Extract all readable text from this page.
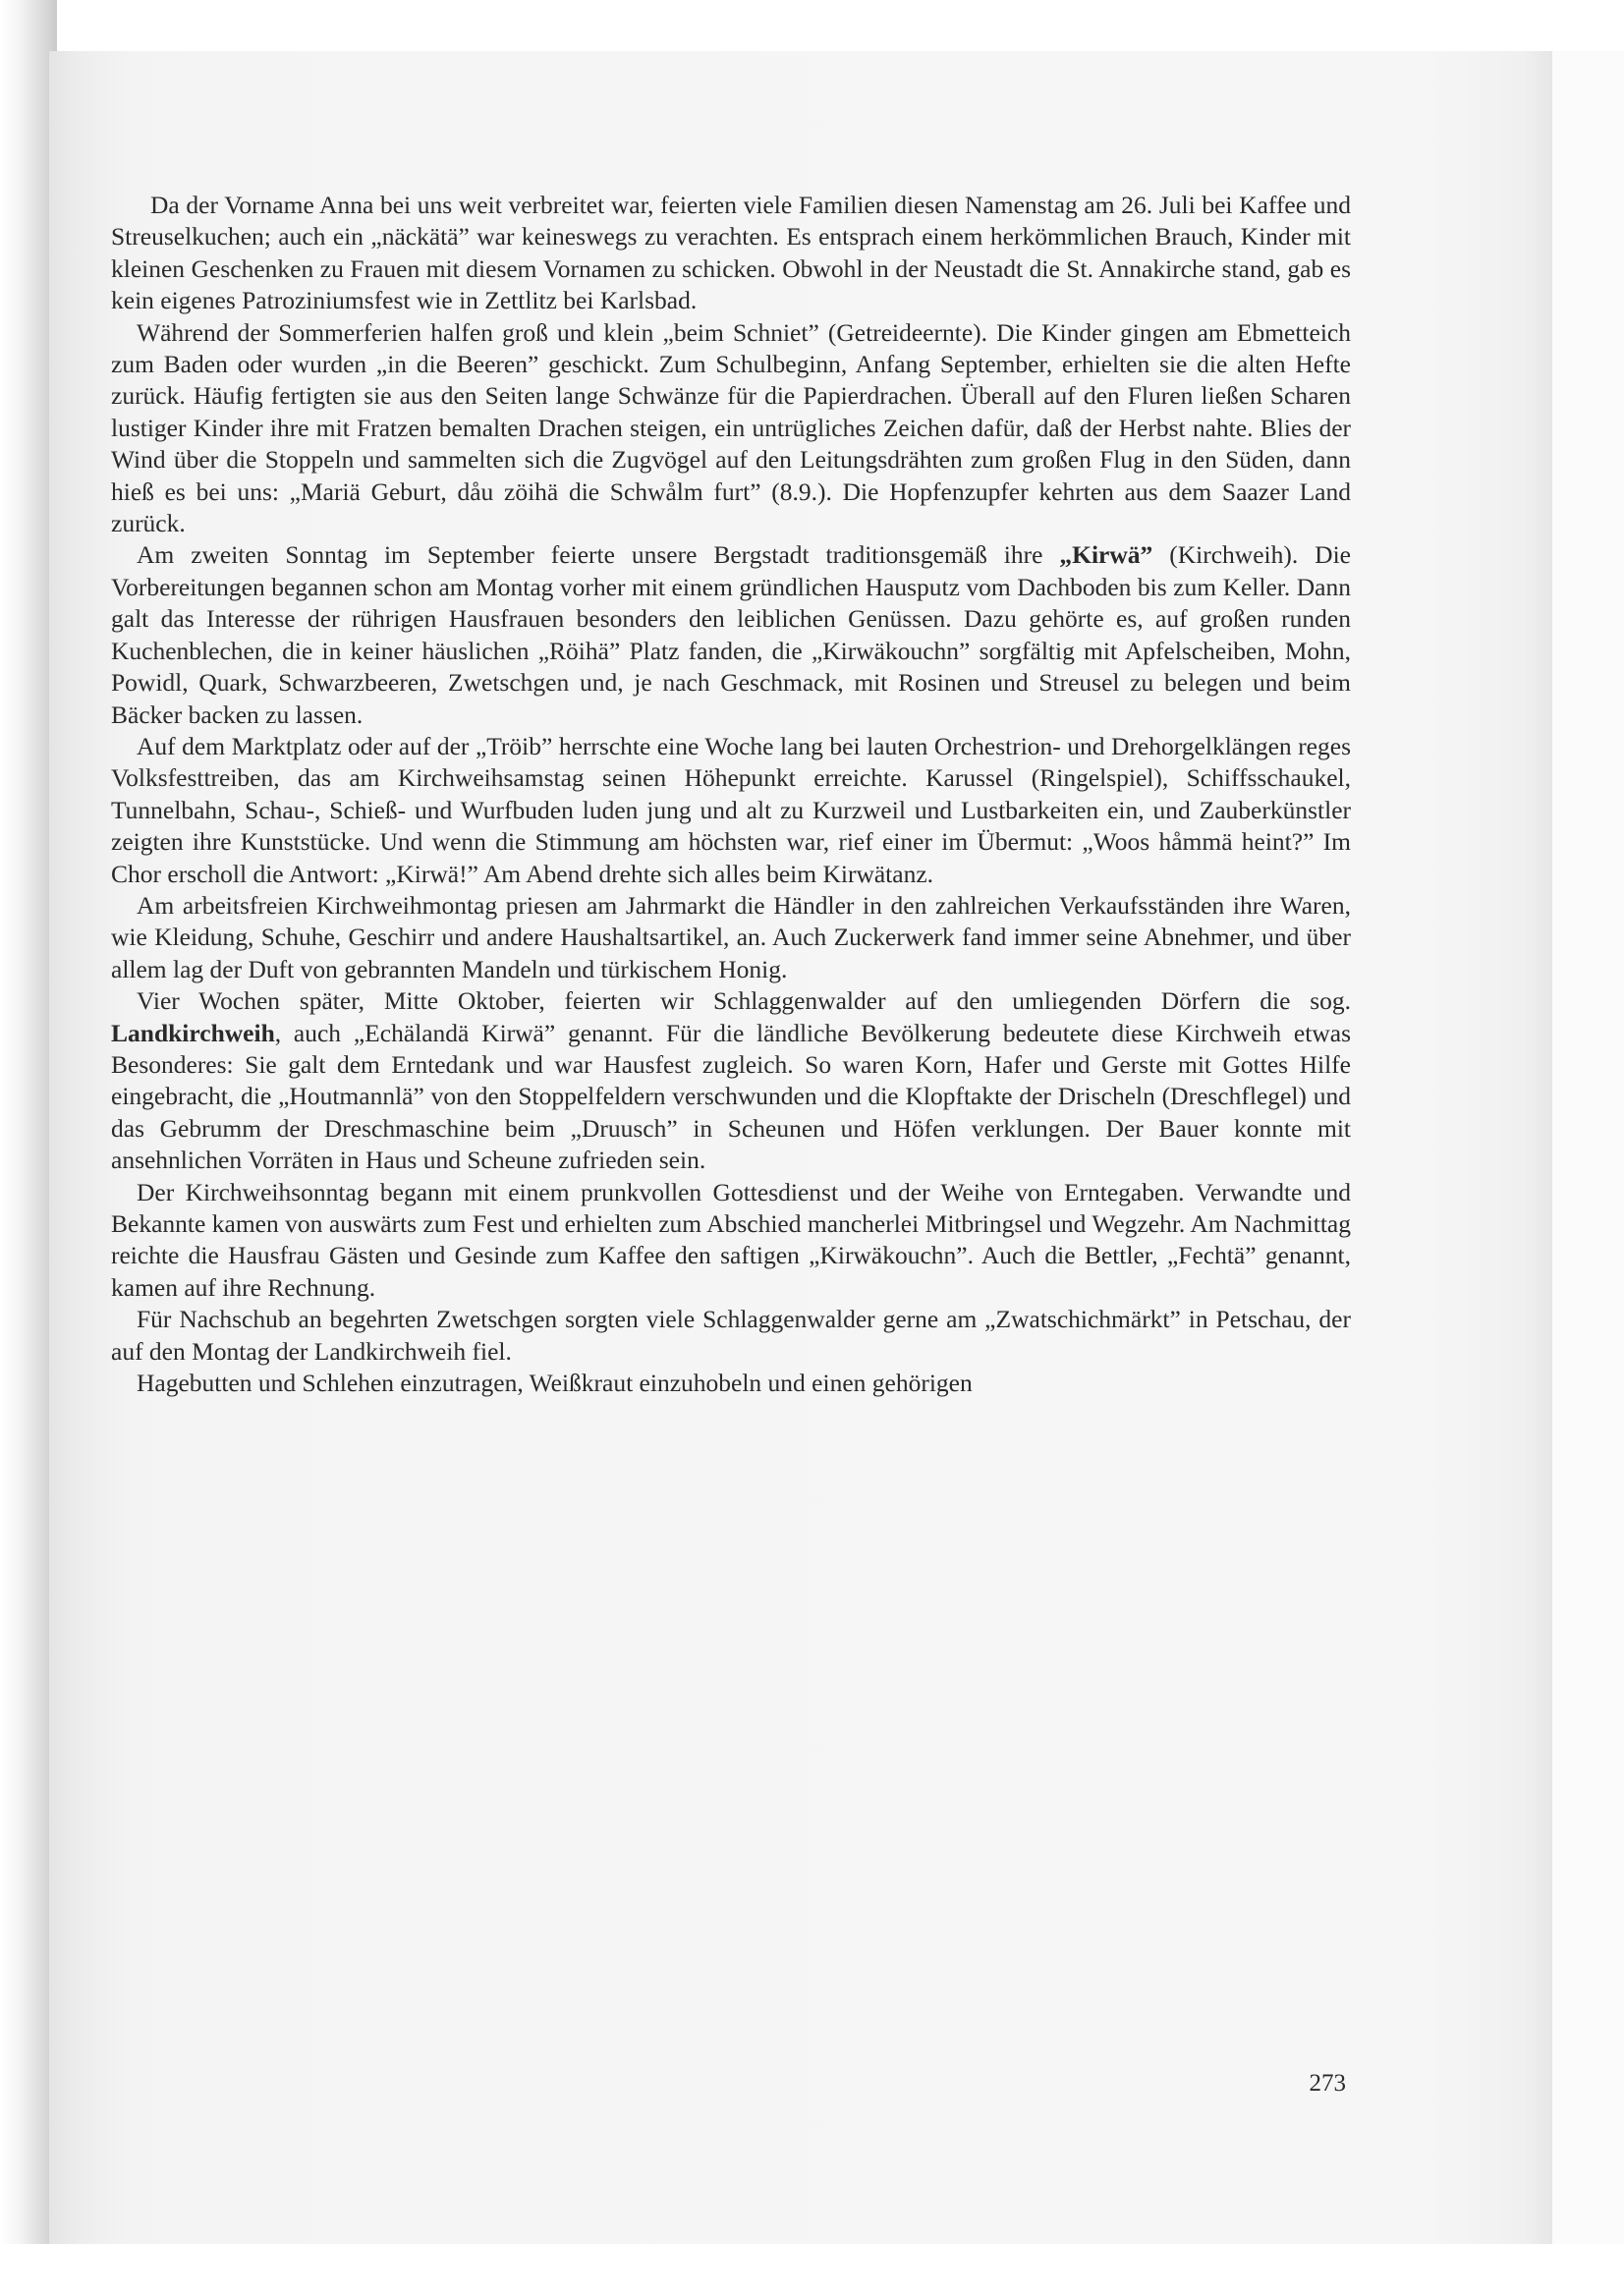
Da der Vorname Anna bei uns weit verbreitet war, feierten viele Familien diesen Namenstag am 26. Juli bei Kaffee und Streuselkuchen; auch ein „näckätä” war keineswegs zu verachten. Es entsprach einem herkömmlichen Brauch, Kinder mit kleinen Geschenken zu Frauen mit diesem Vornamen zu schicken. Obwohl in der Neustadt die St. Annakirche stand, gab es kein eigenes Patroziniumsfest wie in Zettlitz bei Karlsbad.

Während der Sommerferien halfen groß und klein „beim Schniet” (Getreideernte). Die Kinder gingen am Ebmetteich zum Baden oder wurden „in die Beeren” geschickt. Zum Schulbeginn, Anfang September, erhielten sie die alten Hefte zurück. Häufig fertigten sie aus den Seiten lange Schwänze für die Papierdrachen. Überall auf den Fluren ließen Scharen lustiger Kinder ihre mit Fratzen bemalten Drachen steigen, ein untrügliches Zeichen dafür, daß der Herbst nahte. Blies der Wind über die Stoppeln und sammelten sich die Zugvögel auf den Leitungsdrähten zum großen Flug in den Süden, dann hieß es bei uns: „Mariä Geburt, dåu zöihä die Schwålm furt” (8.9.). Die Hopfenzupfer kehrten aus dem Saazer Land zurück.

Am zweiten Sonntag im September feierte unsere Bergstadt traditionsgemäß ihre „Kirwä” (Kirchweih). Die Vorbereitungen begannen schon am Montag vorher mit einem gründlichen Hausputz vom Dachboden bis zum Keller. Dann galt das Interesse der rührigen Hausfrauen besonders den leiblichen Genüssen. Dazu gehörte es, auf großen runden Kuchenblechen, die in keiner häuslichen „Röihä” Platz fanden, die „Kirwäkouchn” sorgfältig mit Apfelscheiben, Mohn, Powidl, Quark, Schwarzbeeren, Zwetschgen und, je nach Geschmack, mit Rosinen und Streusel zu belegen und beim Bäcker backen zu lassen.

Auf dem Marktplatz oder auf der „Tröib” herrschte eine Woche lang bei lauten Orchestrion- und Drehorgelklängen reges Volksfesttreiben, das am Kirchweihsamstag seinen Höhepunkt erreichte. Karussel (Ringelspiel), Schiffsschaukel, Tunnelbahn, Schau-, Schieß- und Wurfbuden luden jung und alt zu Kurzweil und Lustbarkeiten ein, und Zauberkünstler zeigten ihre Kunststücke. Und wenn die Stimmung am höchsten war, rief einer im Übermut: „Woos håmmä heint?” Im Chor erscholl die Antwort: „Kirwä!” Am Abend drehte sich alles beim Kirwätanz.

Am arbeitsfreien Kirchweihmontag priesen am Jahrmarkt die Händler in den zahlreichen Verkaufsständen ihre Waren, wie Kleidung, Schuhe, Geschirr und andere Haushaltsartikel, an. Auch Zuckerwerk fand immer seine Abnehmer, und über allem lag der Duft von gebrannten Mandeln und türkischem Honig.

Vier Wochen später, Mitte Oktober, feierten wir Schlaggenwalder auf den umliegenden Dörfern die sog. Landkirchweih, auch „Echälandä Kirwä” genannt. Für die ländliche Bevölkerung bedeutete diese Kirchweih etwas Besonderes: Sie galt dem Erntedank und war Hausfest zugleich. So waren Korn, Hafer und Gerste mit Gottes Hilfe eingebracht, die „Houtmannlä” von den Stoppelfeldern verschwunden und die Klopftakte der Drischeln (Dreschflegel) und das Gebrumm der Dreschmaschine beim „Druusch” in Scheunen und Höfen verklungen. Der Bauer konnte mit ansehnlichen Vorräten in Haus und Scheune zufrieden sein.

Der Kirchweihsonntag begann mit einem prunkvollen Gottesdienst und der Weihe von Erntegaben. Verwandte und Bekannte kamen von auswärts zum Fest und erhielten zum Abschied mancherlei Mitbringsel und Wegzehr. Am Nachmittag reichte die Hausfrau Gästen und Gesinde zum Kaffee den saftigen „Kirwäkouchn”. Auch die Bettler, „Fechtä” genannt, kamen auf ihre Rechnung.

Für Nachschub an begehrten Zwetschgen sorgten viele Schlaggenwalder gerne am „Zwatschichmärkt” in Petschau, der auf den Montag der Landkirchweih fiel.

Hagebutten und Schlehen einzutragen, Weißkraut einzuhobeln und einen gehörigen

273
